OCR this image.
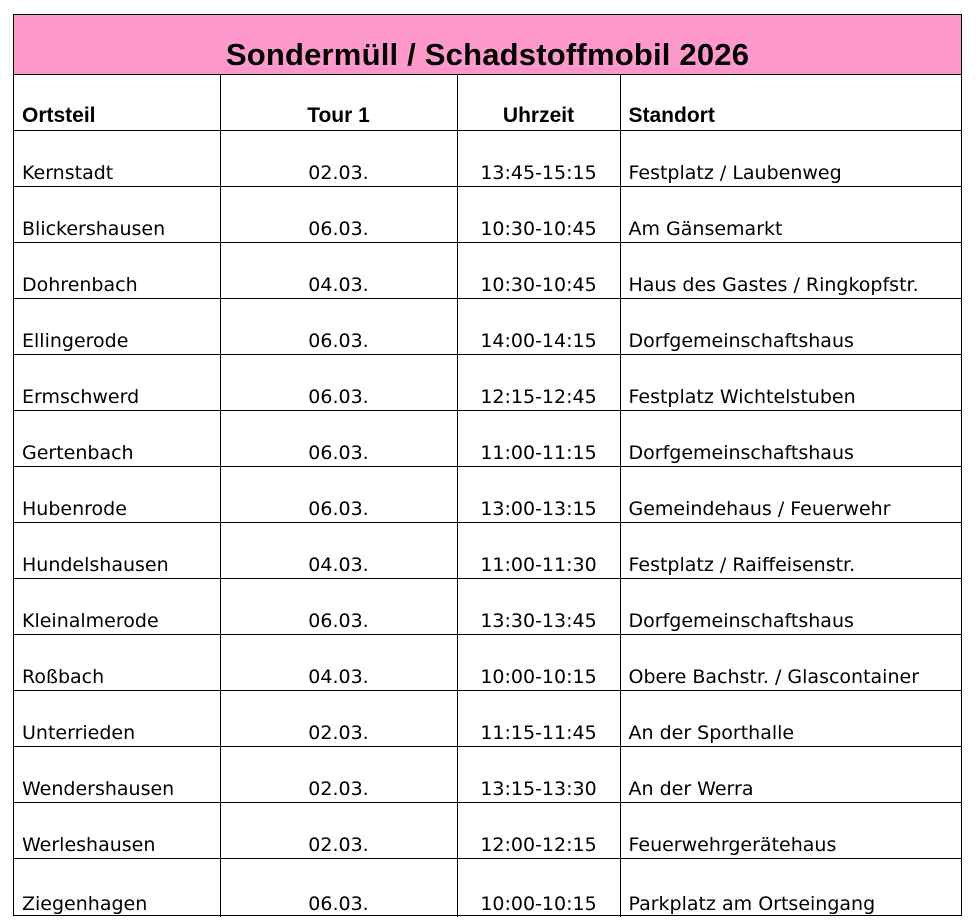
Sondermüll / Schadstoffmobil 2026
Ortsteil	Tour 1	Uhrzeit	Standort
Kernstadt	02.03.	13:45-15:15	Festplatz / Laubenweg
Blickershausen	06.03.	10:30-10:45	Am Gänsemarkt
Dohrenbach	04.03.	10:30-10:45	Haus des Gastes / Ringkopfstr.
Ellingerode	06.03.	14:00-14:15	Dorfgemeinschaftshaus
Ermschwerd	06.03.	12:15-12:45	Festplatz Wichtelstuben
Gertenbach	06.03.	11:00-11:15	Dorfgemeinschaftshaus
Hubenrode	06.03.	13:00-13:15	Gemeindehaus / Feuerwehr
Hundelshausen	04.03.	11:00-11:30	Festplatz / Raiffeisenstr.
Kleinalmerode	06.03.	13:30-13:45	Dorfgemeinschaftshaus
Roßbach	04.03.	10:00-10:15	Obere Bachstr. / Glascontainer
Unterrieden	02.03.	11:15-11:45	An der Sporthalle
Wendershausen	02.03.	13:15-13:30	An der Werra
Werleshausen	02.03.	12:00-12:15	Feuerwehrgerätehaus
Ziegenhagen	06.03.	10:00-10:15	Parkplatz am Ortseingang
